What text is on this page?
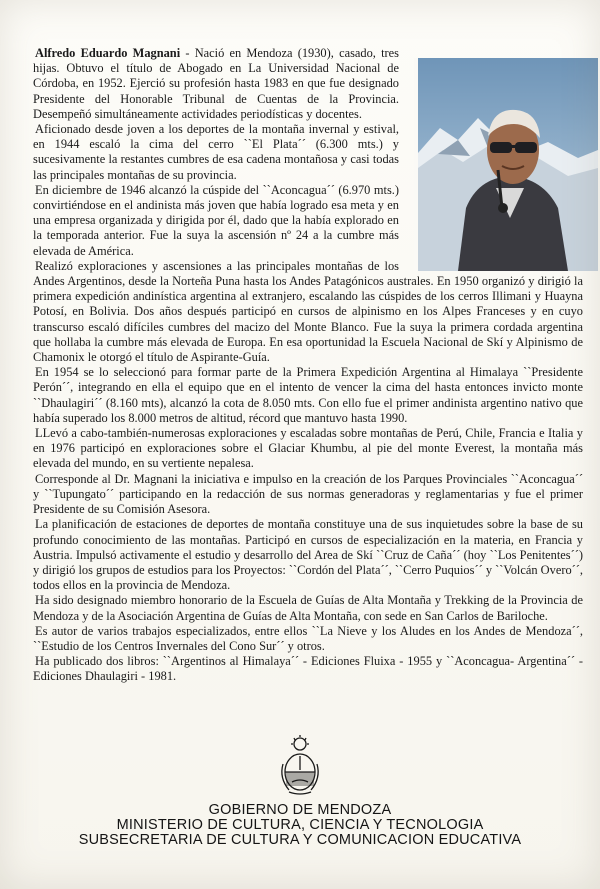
Alfredo Eduardo Magnani - Nació en Mendoza (1930), casado, tres hijas. Obtuvo el título de Abogado en La Universidad Nacional de Córdoba, en 1952. Ejerció su profesión hasta 1983 en que fue designado Presidente del Honorable Tribunal de Cuentas de la Provincia. Desempeñó simultáneamente actividades periodísticas y docentes.

Aficionado desde joven a los deportes de la montaña invernal y estival, en 1944 escaló la cima del cerro ``El Plata´´ (6.300 mts.) y sucesivamente la restantes cumbres de esa cadena montañosa y casi todas las principales montañas de su provincia.

En diciembre de 1946 alcanzó la cúspide del ``Aconcagua´´ (6.970 mts.) convirtiéndose en el andinista más joven que había logrado esa meta y en una empresa organizada y dirigida por él, dado que la había explorado en la temporada anterior. Fue la suya la ascensión nº 24 a la cumbre más elevada de América.

Realizó exploraciones y ascensiones a las principales montañas de los Andes Argentinos, desde la Norteña Puna hasta los Andes Patagónicos australes. En 1950 organizó y dirigió la primera expedición andinística argentina al extranjero, escalando las cúspides de los cerros Illimani y Huayna Potosí, en Bolivia. Dos años después participó en cursos de alpinismo en los Alpes Franceses y en cuyo transcurso escaló difíciles cumbres del macizo del Monte Blanco. Fue la suya la primera cordada argentina que hollaba la cumbre más elevada de Europa. En esa oportunidad la Escuela Nacional de Skí y Alpinismo de Chamonix le otorgó el título de Aspirante-Guía.

En 1954 se lo seleccionó para formar parte de la Primera Expedición Argentina al Himalaya ``Presidente Perón´´, integrando en ella el equipo que en el intento de vencer la cima del hasta entonces invicto monte ``Dhaulagiri´´ (8.160 mts), alcanzó la cota de 8.050 mts. Con ello fue el primer andinista argentino nativo que había superado los 8.000 metros de altitud, récord que mantuvo hasta 1990.

LLevó a cabo-también-numerosas exploraciones y escaladas sobre montañas de Perú, Chile, Francia e Italia y en 1976 participó en exploraciones sobre el Glaciar Khumbu, al pie del monte Everest, la montaña más elevada del mundo, en su vertiente nepalesa.

Corresponde al Dr. Magnani la iniciativa e impulso en la creación de los Parques Provinciales ``Aconcagua´´ y ``Tupungato´´ participando en la redacción de sus normas generadoras y reglamentarias y fue el primer Presidente de su Comisión Asesora.

La planificación de estaciones de deportes de montaña constituye una de sus inquietudes sobre la base de su profundo conocimiento de las montañas. Participó en cursos de especialización en la materia, en Francia y Austria. Impulsó activamente el estudio y desarrollo del Area de Skí ``Cruz de Caña´´ (hoy ``Los Penitentes´´) y dirigió los grupos de estudios para los Proyectos: ``Cordón del Plata´´, ``Cerro Puquios´´ y ``Volcán Overo´´, todos ellos en la provincia de Mendoza.

Ha sido designado miembro honorario de la Escuela de Guías de Alta Montaña y Trekking de la Provincia de Mendoza y de la Asociación Argentina de Guías de Alta Montaña, con sede en San Carlos de Bariloche.

Es autor de varios trabajos especializados, entre ellos ``La Nieve y los Aludes en los Andes de Mendoza´´, ``Estudio de los Centros Invernales del Cono Sur´´ y otros.

Ha publicado dos libros: ``Argentinos al Himalaya´´ - Ediciones Fluixa - 1955 y ``Aconcagua- Argentina´´ - Ediciones Dhaulagiri - 1981.

GOBIERNO DE MENDOZA
MINISTERIO DE CULTURA, CIENCIA Y TECNOLOGIA
SUBSECRETARIA DE CULTURA Y COMUNICACION EDUCATIVA
